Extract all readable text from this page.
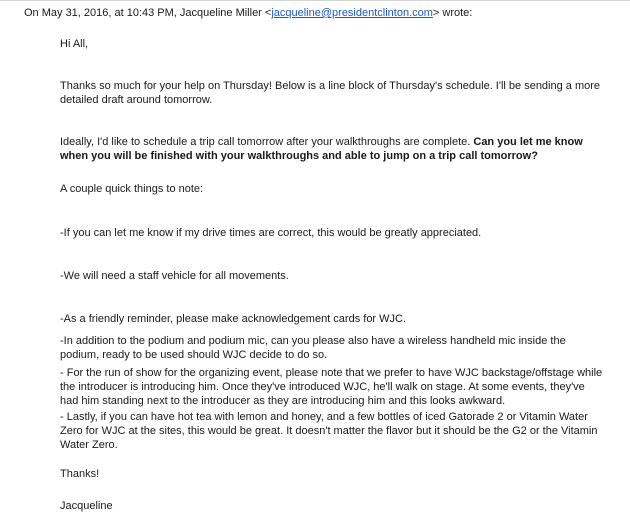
On May 31, 2016, at 10:43 PM, Jacqueline Miller <jacqueline@presidentclinton.com> wrote:

Hi All,

Thanks so much for your help on Thursday! Below is a line block of Thursday's schedule. I'll be sending a more detailed draft around tomorrow.

Ideally, I'd like to schedule a trip call tomorrow after your walkthroughs are complete. Can you let me know when you will be finished with your walkthroughs and able to jump on a trip call tomorrow?

A couple quick things to note:

-If you can let me know if my drive times are correct, this would be greatly appreciated.

-We will need a staff vehicle for all movements.

-As a friendly reminder, please make acknowledgement cards for WJC.

-In addition to the podium and podium mic, can you please also have a wireless handheld mic inside the podium, ready to be used should WJC decide to do so.

- For the run of show for the organizing event, please note that we prefer to have WJC backstage/offstage while the introducer is introducing him. Once they've introduced WJC, he'll walk on stage. At some events, they've had him standing next to the introducer as they are introducing him and this looks awkward.

- Lastly, if you can have hot tea with lemon and honey, and a few bottles of iced Gatorade 2 or Vitamin Water Zero for WJC at the sites, this would be great. It doesn't matter the flavor but it should be the G2 or the Vitamin Water Zero.

Thanks!

Jacqueline
